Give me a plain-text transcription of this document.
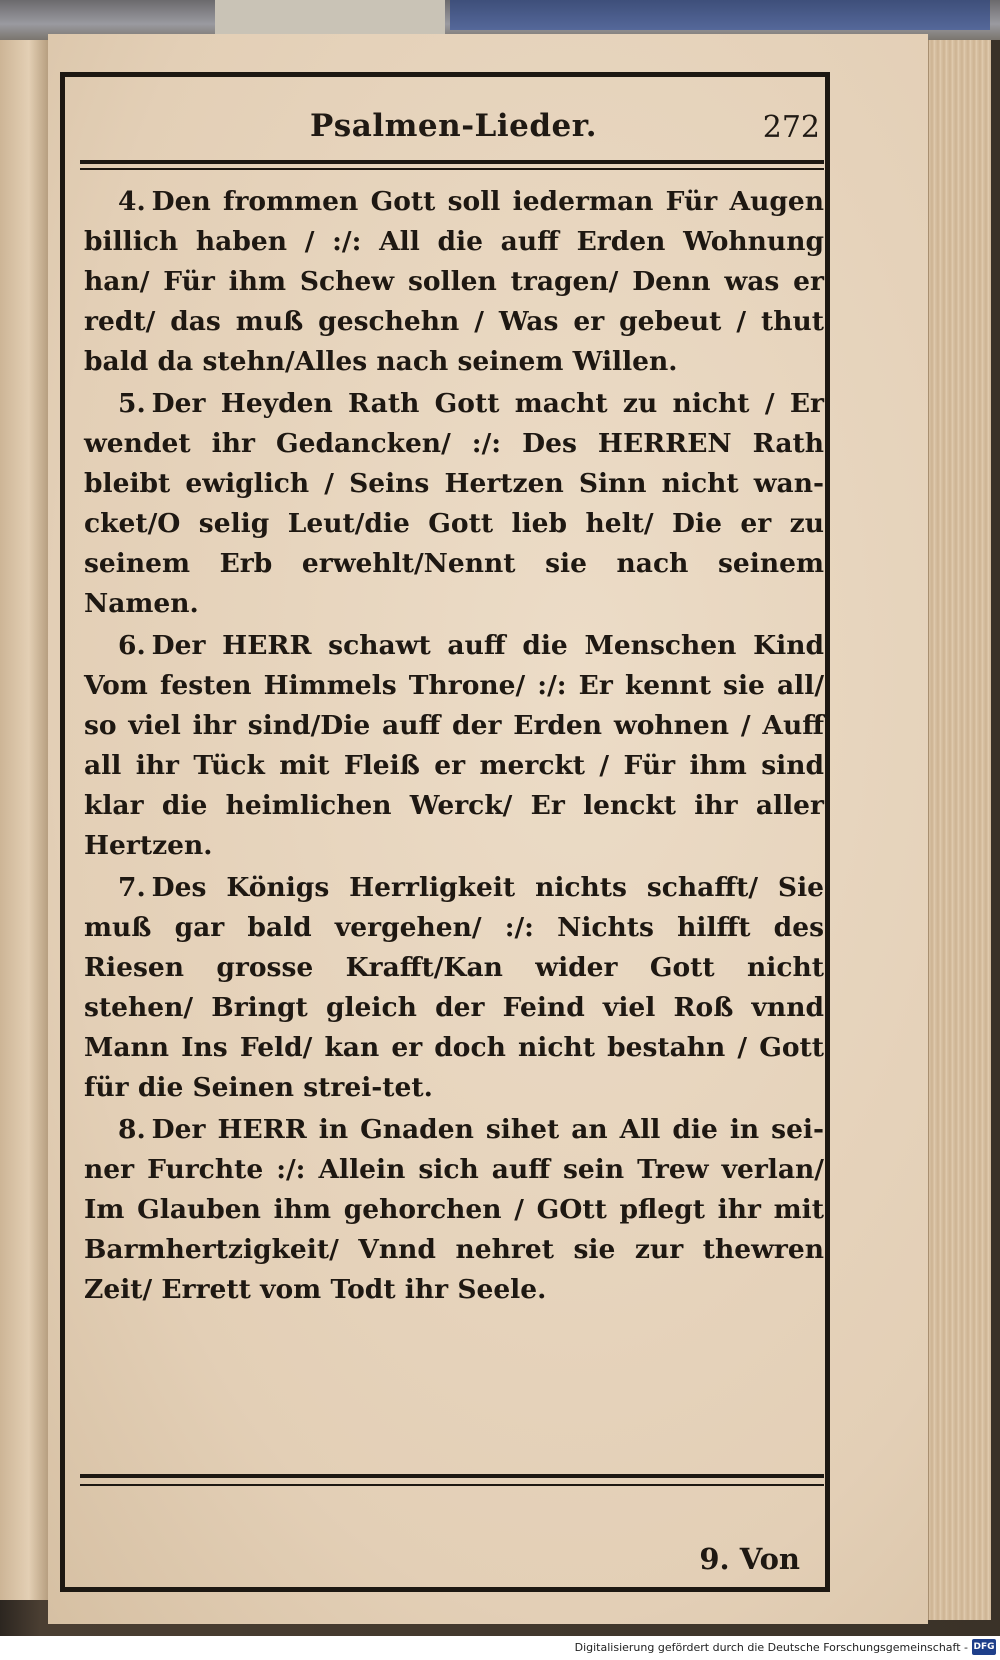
Psalmen-Lieder.	272

4. Den frommen Gott soll iederman Für Augen billich haben / :/: All die auff Erden Wohnung han/ Für ihm Schew sollen tragen/ Denn was er redt/ das muß geschehn / Was er gebeut / thut bald da stehn/Alles nach seinem Willen.

5. Der Heyden Rath Gott macht zu nicht / Er wendet ihr Gedancken/ :/: Des HERREN Rath bleibt ewiglich / Seins Hertzen Sinn nicht wan-cket/O selig Leut/die Gott lieb helt/ Die er zu seinem Erb erwehlt/Nennt sie nach seinem Namen.

6. Der HERR schawt auff die Menschen Kind Vom festen Himmels Throne/ :/: Er kennt sie all/ so viel ihr sind/Die auff der Erden wohnen / Auff all ihr Tück mit Fleiß er merckt / Für ihm sind klar die heimlichen Werck/ Er lenckt ihr aller Hertzen.

7. Des Königs Herrligkeit nichts schafft/ Sie muß gar bald vergehen/ :/: Nichts hilfft des Riesen grosse Krafft/Kan wider Gott nicht stehen/ Bringt gleich der Feind viel Roß vnnd Mann Ins Feld/ kan er doch nicht bestahn / Gott für die Seinen strei-tet.

8. Der HERR in Gnaden sihet an All die in sei-ner Furchte :/: Allein sich auff sein Trew verlan/ Im Glauben ihm gehorchen / GOtt pflegt ihr mit Barmhertzigkeit/ Vnnd nehret sie zur thewren Zeit/ Errett vom Todt ihr Seele.

9. Von
Digitalisierung gefördert durch die Deutsche Forschungsgemeinschaft - DFG
